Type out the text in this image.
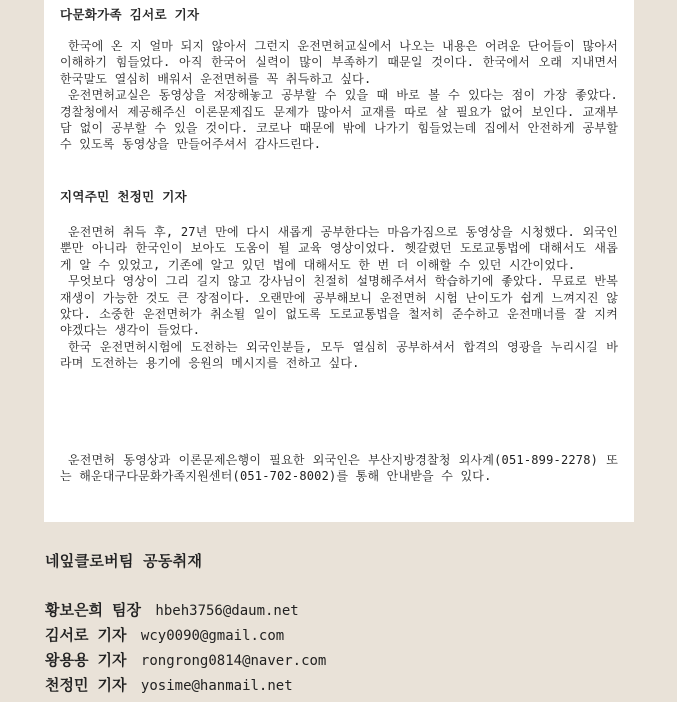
다문화가족 김서로 기자

한국에 온 지 얼마 되지 않아서 그런지 운전면허교실에서 나오는 내용은 어려운 단어들이 많아서 이해하기 힘들었다. 아직 한국어 실력이 많이 부족하기 때문일 것이다. 한국에서 오래 지내면서 한국말도 열심히 배워서 운전면허를 꼭 취득하고 싶다.

운전면허교실은 동영상을 저장해놓고 공부할 수 있을 때 바로 볼 수 있다는 점이 가장 좋았다. 경찰청에서 제공해주신 이론문제집도 문제가 많아서 교재를 따로 살 필요가 없어 보인다. 교재부담 없이 공부할 수 있을 것이다. 코로나 때문에 밖에 나가기 힘들었는데 집에서 안전하게 공부할 수 있도록 동영상을 만들어주셔서 감사드린다.

지역주민 천정민 기자

운전면허 취득 후, 27년 만에 다시 새롭게 공부한다는 마음가짐으로 동영상을 시청했다. 외국인뿐만 아니라 한국인이 보아도 도움이 될 교육 영상이었다. 헷갈렸던 도로교통법에 대해서도 새롭게 알 수 있었고, 기존에 알고 있던 법에 대해서도 한 번 더 이해할 수 있던 시간이었다.

무엇보다 영상이 그리 길지 않고 강사님이 친절히 설명해주셔서 학습하기에 좋았다. 무료로 반복 재생이 가능한 것도 큰 장점이다. 오랜만에 공부해보니 운전면허 시험 난이도가 쉽게 느껴지진 않았다. 소중한 운전면허가 취소될 일이 없도록 도로교통법을 철저히 준수하고 운전매너를 잘 지켜야겠다는 생각이 들었다.

한국 운전면허시험에 도전하는 외국인분들, 모두 열심히 공부하셔서 합격의 영광을 누리시길 바라며 도전하는 용기에 응원의 메시지를 전하고 싶다.

운전면허 동영상과 이론문제은행이 필요한 외국인은 부산지방경찰청 외사계(051-899-2278) 또는 해운대구다문화가족지원센터(051-702-8002)를 통해 안내받을 수 있다.

네잎클로버팀 공동취재

황보은희 팀장 hbeh3756@daum.net

김서로 기자 wcy0090@gmail.com

왕용용 기자 rongrong0814@naver.com

천정민 기자 yosime@hanmail.net
